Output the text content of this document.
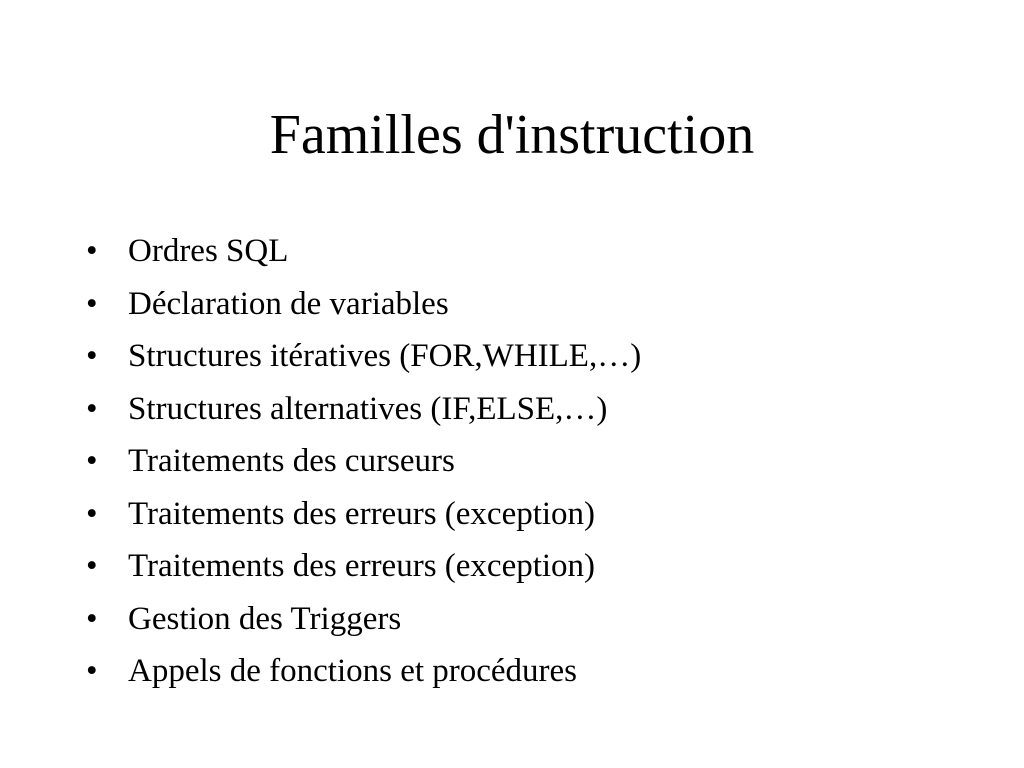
Familles d'instruction
• Ordres SQL
• Déclaration de variables
• Structures itératives (FOR,WHILE,…)
• Structures alternatives (IF,ELSE,…)
• Traitements des curseurs
• Traitements des erreurs (exception)
• Traitements des erreurs (exception)
• Gestion des Triggers
• Appels de fonctions et procédures
